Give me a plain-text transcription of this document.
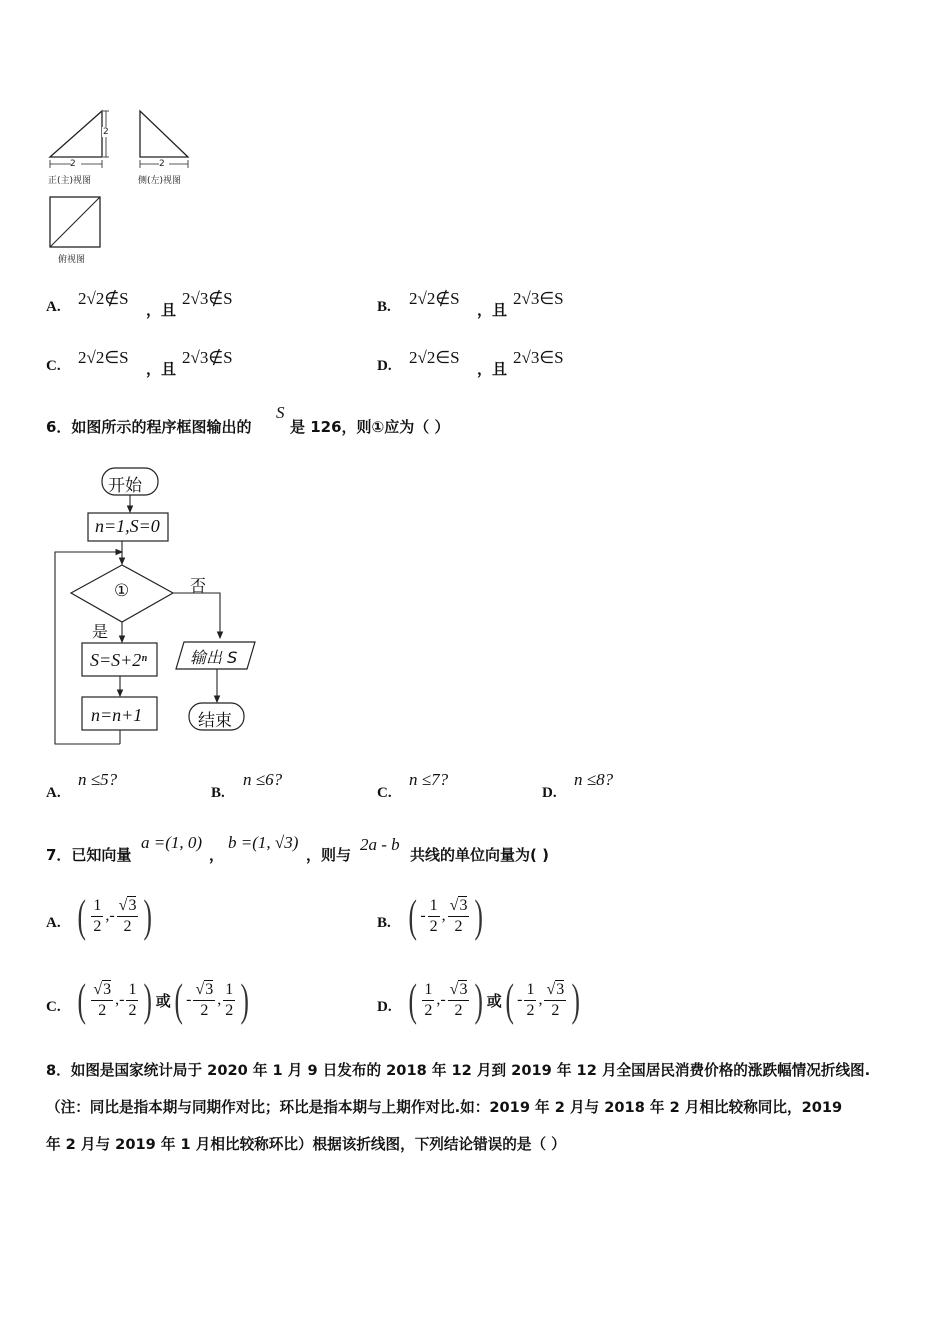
2
2
2
正(主)视图	侧(左)视图
俯视图
A. 2√2∉S
，且
2√3∉S	B. 2√2∉S
，且
2√3∈S
C. 2√2∈S
，且
2√3∉S	D. 2√2∈S
，且
2√3∈S
6．如图所示的程序框图输出的
S
是 126，则①应为（ ）
开始
n=1,S=0
①	否
是
S=S+2ⁿ
n=n+1
输出 S
结束
A.
n ≤5?
B.
n ≤6?
C.
n ≤7?
D.
n ≤8?
7．已知向量
a =(1, 0)
，
b =(1, √3)
，则与
2a - b
共线的单位向量为( )
A. ( $\frac{1}{2}$ , - $\frac{√3}{2}$ )	B. ( - $\frac{1}{2}$ , $\frac{√3}{2}$ )
C. ( $\frac{√3}{2}$ , - $\frac{1}{2}$ ) 或 ( - $\frac{√3}{2}$ , $\frac{1}{2}$ )	D. ( $\frac{1}{2}$ , - $\frac{√3}{2}$ ) 或 ( - $\frac{1}{2}$ , $\frac{√3}{2}$ )
8．如图是国家统计局于 2020 年 1 月 9 日发布的 2018 年 12 月到 2019 年 12 月全国居民消费价格的涨跌幅情况折线图.
（注：同比是指本期与同期作对比；环比是指本期与上期作对比.如：2019 年 2 月与 2018 年 2 月相比较称同比，2019
年 2 月与 2019 年 1 月相比较称环比）根据该折线图，下列结论错误的是（ ）
